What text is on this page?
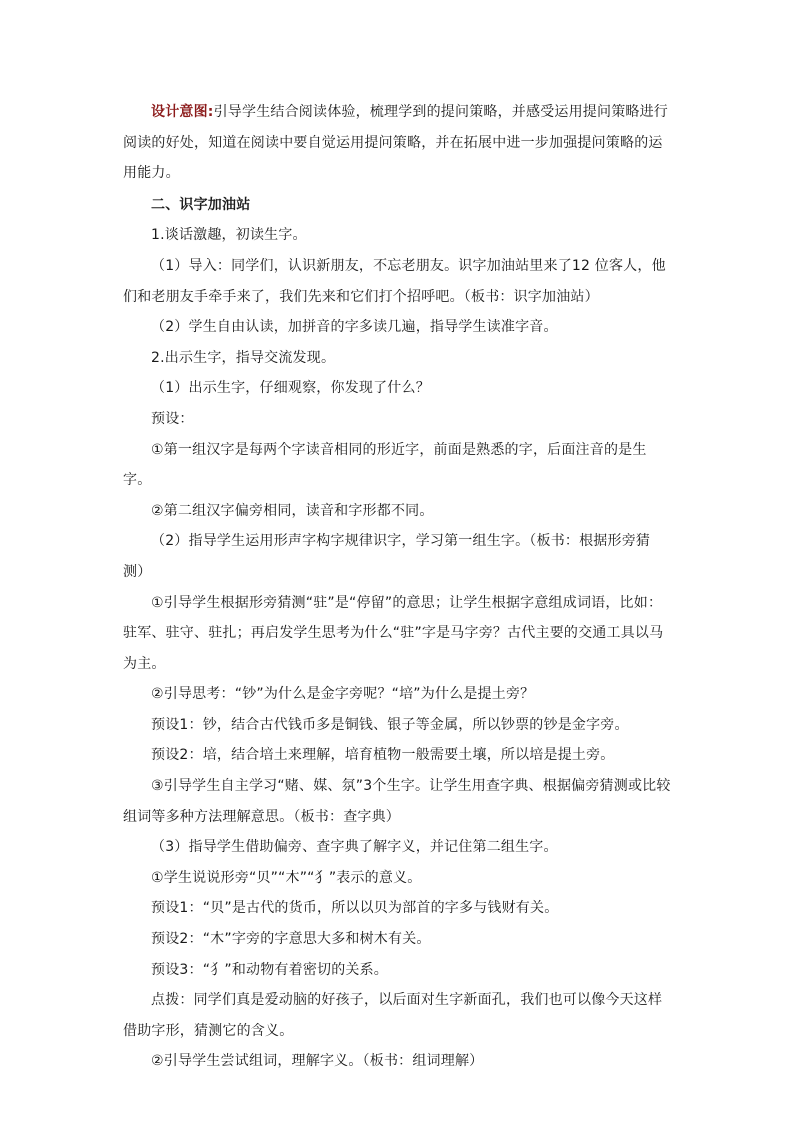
设计意图:引导学生结合阅读体验，梳理学到的提问策略，并感受运用提问策略进行阅读的好处，知道在阅读中要自觉运用提问策略，并在拓展中进一步加强提问策略的运用能力。

二、识字加油站

1.谈话激趣，初读生字。

（1）导入：同学们，认识新朋友，不忘老朋友。识字加油站里来了12 位客人，他们和老朋友手牵手来了，我们先来和它们打个招呼吧。（板书：识字加油站）

（2）学生自由认读，加拼音的字多读几遍，指导学生读准字音。

2.出示生字，指导交流发现。

（1）出示生字，仔细观察，你发现了什么？

预设：

①第一组汉字是每两个字读音相同的形近字，前面是熟悉的字，后面注音的是生字。

②第二组汉字偏旁相同，读音和字形都不同。

（2）指导学生运用形声字构字规律识字，学习第一组生字。（板书：根据形旁猜测）

①引导学生根据形旁猜测“驻”是“停留”的意思；让学生根据字意组成词语，比如：驻军、驻守、驻扎；再启发学生思考为什么“驻”字是马字旁？古代主要的交通工具以马为主。

②引导思考：“钞”为什么是金字旁呢？“培”为什么是提土旁？

预设1：钞，结合古代钱币多是铜钱、银子等金属，所以钞票的钞是金字旁。

预设2：培，结合培土来理解，培育植物一般需要土壤，所以培是提土旁。

③引导学生自主学习“赌、媒、氛”3个生字。让学生用查字典、根据偏旁猜测或比较组词等多种方法理解意思。（板书：查字典）

（3）指导学生借助偏旁、查字典了解字义，并记住第二组生字。

①学生说说形旁“贝”“木”“犭”表示的意义。

预设1：“贝”是古代的货币，所以以贝为部首的字多与钱财有关。

预设2：“木”字旁的字意思大多和树木有关。

预设3：“犭”和动物有着密切的关系。

点拨：同学们真是爱动脑的好孩子，以后面对生字新面孔，我们也可以像今天这样借助字形，猜测它的含义。

②引导学生尝试组词，理解字义。（板书：组词理解）
